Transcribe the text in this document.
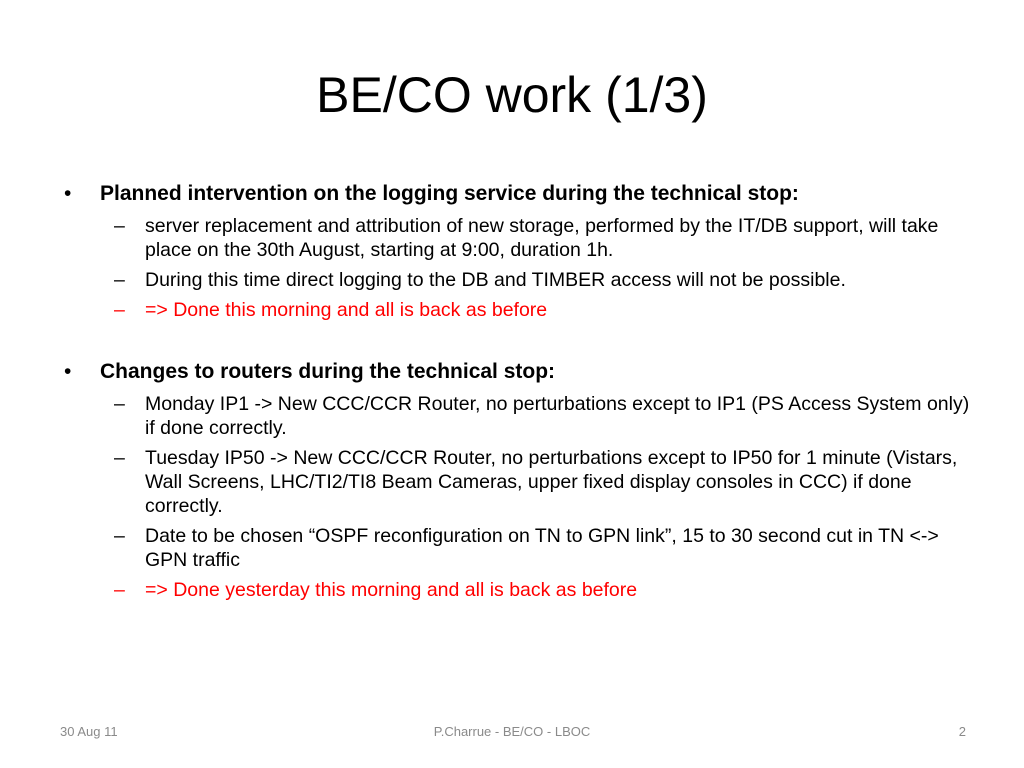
BE/CO work (1/3)

• Planned intervention on the logging service during the technical stop:

– server replacement and attribution of new storage, performed by the IT/DB support, will take place on the 30th August, starting at 9:00, duration 1h.
– During this time direct logging to the DB and TIMBER access will not be possible.
– => Done this morning and all is back as before

• Changes to routers during the technical stop:

– Monday IP1 -> New CCC/CCR Router, no perturbations except to IP1 (PS Access System only) if done correctly.
– Tuesday IP50 -> New CCC/CCR Router, no perturbations except to IP50 for 1 minute (Vistars, Wall Screens, LHC/TI2/TI8 Beam Cameras, upper fixed display consoles in CCC) if done correctly.
– Date to be chosen “OSPF reconfiguration on TN to GPN link”, 15 to 30 second cut in TN <-> GPN traffic
– => Done yesterday this morning and all is back as before
30 Aug 11	P.Charrue - BE/CO - LBOC	2
